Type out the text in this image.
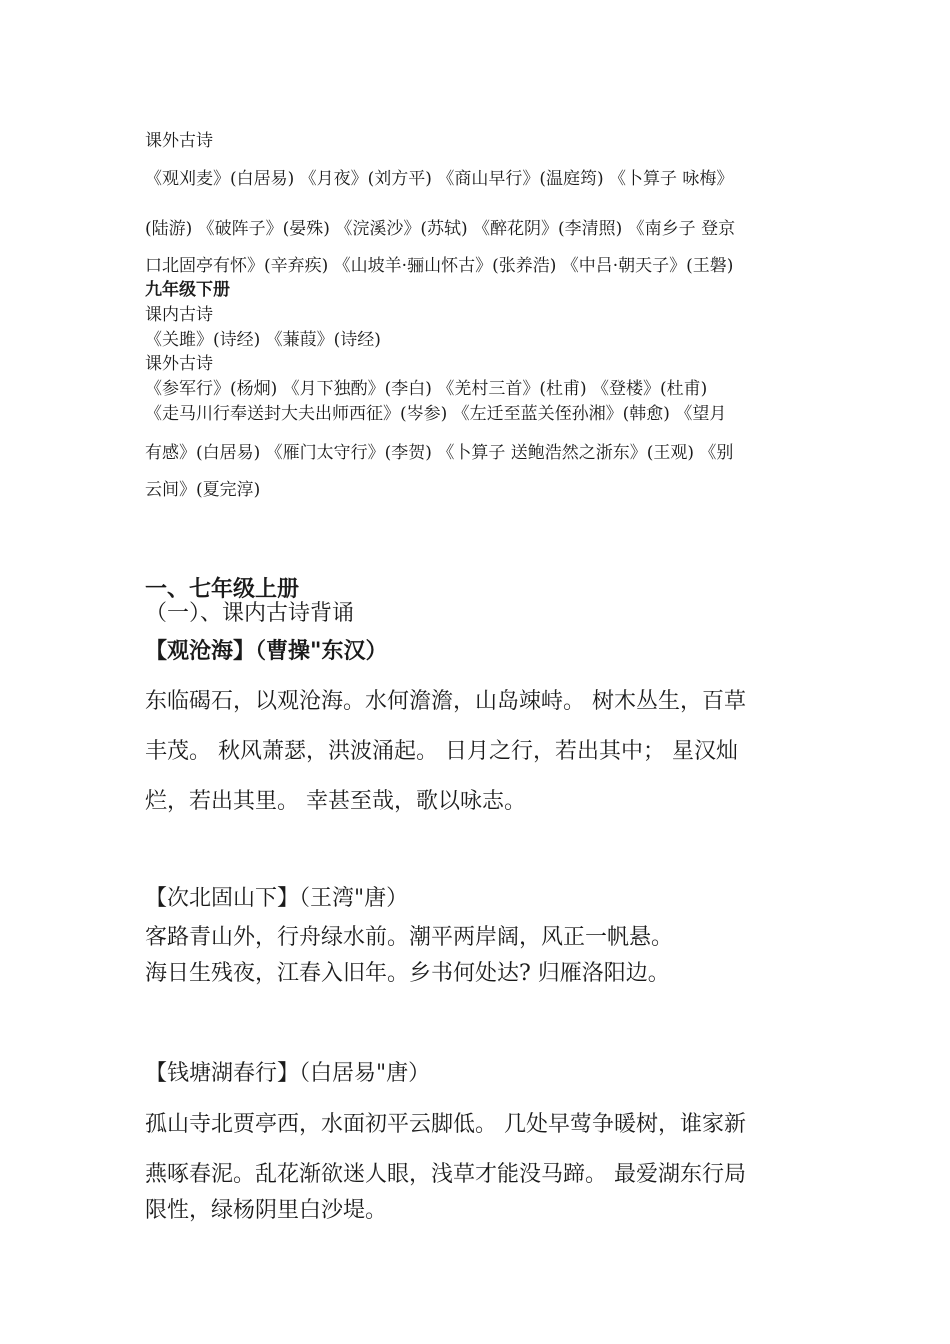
课外古诗
《观刈麦》(白居易) 《月夜》(刘方平) 《商山早行》(温庭筠) 《卜算子 咏梅》
(陆游) 《破阵子》(晏殊) 《浣溪沙》(苏轼) 《醉花阴》(李清照) 《南乡子 登京
口北固亭有怀》(辛弃疾) 《山坡羊·骊山怀古》(张养浩) 《中吕·朝天子》(王磐)
九年级下册
课内古诗
《关雎》(诗经) 《蒹葭》(诗经)
课外古诗
《参军行》(杨炯) 《月下独酌》(李白) 《羌村三首》(杜甫) 《登楼》(杜甫)
《走马川行奉送封大夫出师西征》(岑参) 《左迁至蓝关侄孙湘》(韩愈) 《望月
有感》(白居易) 《雁门太守行》(李贺) 《卜算子 送鲍浩然之浙东》(王观) 《别
云间》(夏完淳)
一、七年级上册
（一）、课内古诗背诵
【观沧海】（曹操"东汉）
东临碣石，以观沧海。水何澹澹，山岛竦峙。 树木丛生，百草
丰茂。 秋风萧瑟，洪波涌起。 日月之行，若出其中； 星汉灿
烂，若出其里。 幸甚至哉，歌以咏志。
【次北固山下】（王湾"唐）
客路青山外，行舟绿水前。潮平两岸阔，风正一帆悬。
海日生残夜，江春入旧年。乡书何处达? 归雁洛阳边。
【钱塘湖春行】（白居易"唐）
孤山寺北贾亭西，水面初平云脚低。 几处早莺争暖树，谁家新
燕啄春泥。乱花渐欲迷人眼，浅草才能没马蹄。 最爱湖东行局
限性，绿杨阴里白沙堤。
